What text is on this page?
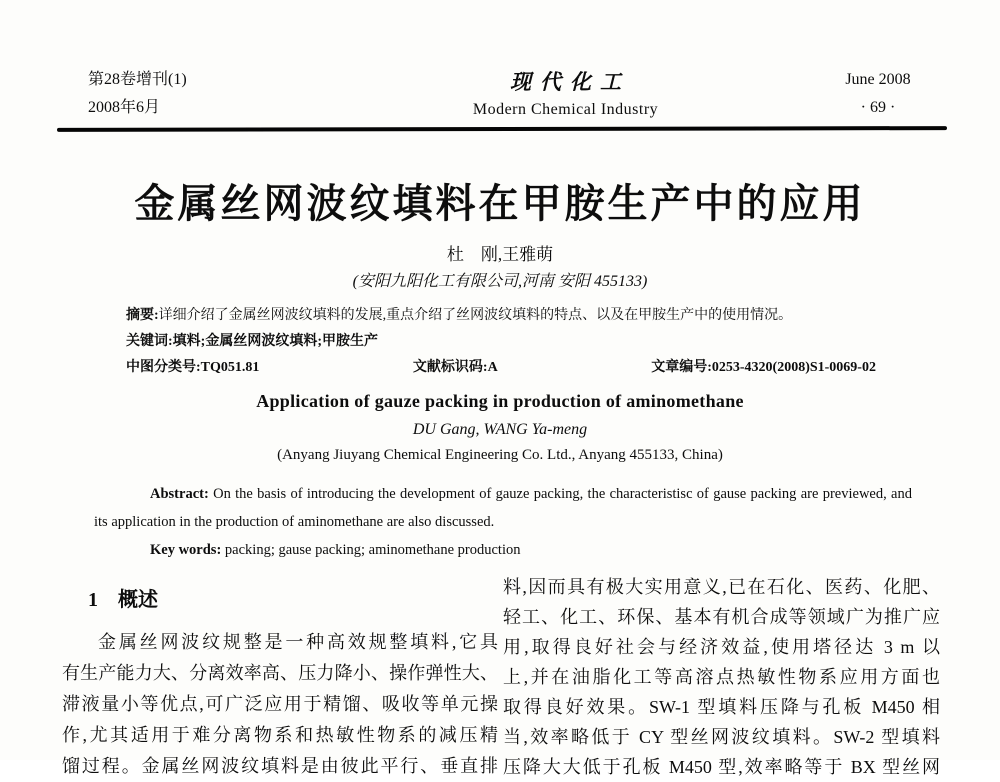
第28卷增刊(1)
2008年6月
现代化工
Modern Chemical Industry
June 2008
· 69 ·
金属丝网波纹填料在甲胺生产中的应用
杜　刚,王雅萌
(安阳九阳化工有限公司,河南 安阳 455133)
摘要:详细介绍了金属丝网波纹填料的发展,重点介绍了丝网波纹填料的特点、以及在甲胺生产中的使用情况。
关键词:填料;金属丝网波纹填料;甲胺生产
中图分类号:TQ051.81	文献标识码:A	文章编号:0253-4320(2008)S1-0069-02
Application of gauze packing in production of aminomethane
DU Gang, WANG Ya-meng
(Anyang Jiuyang Chemical Engineering Co. Ltd., Anyang 455133, China)

Abstract: On the basis of introducing the development of gauze packing, the characteristisc of gause packing are previewed, and its application in the production of aminomethane are also discussed.

Key words: packing; gause packing; aminomethane production

1 概述
金属丝网波纹规整是一种高效规整填料,它具
有生产能力大、分离效率高、压力降小、操作弹性大、
滞液量小等优点,可广泛应用于精馏、吸收等单元操
作,尤其适用于难分离物系和热敏性物系的减压精
馏过程。金属丝网波纹填料是由彼此平行、垂直排
料,因而具有极大实用意义,已在石化、医药、化肥、
轻工、化工、环保、基本有机合成等领域广为推广应
用,取得良好社会与经济效益,使用塔径达 3 m 以
上,并在油脂化工等高溶点热敏性物系应用方面也
取得良好效果。SW-1 型填料压降与孔板 M450 相
当,效率略低于 CY 型丝网波纹填料。SW-2 型填料
压降大大低于孔板 M450 型,效率略等于 BX 型丝网
